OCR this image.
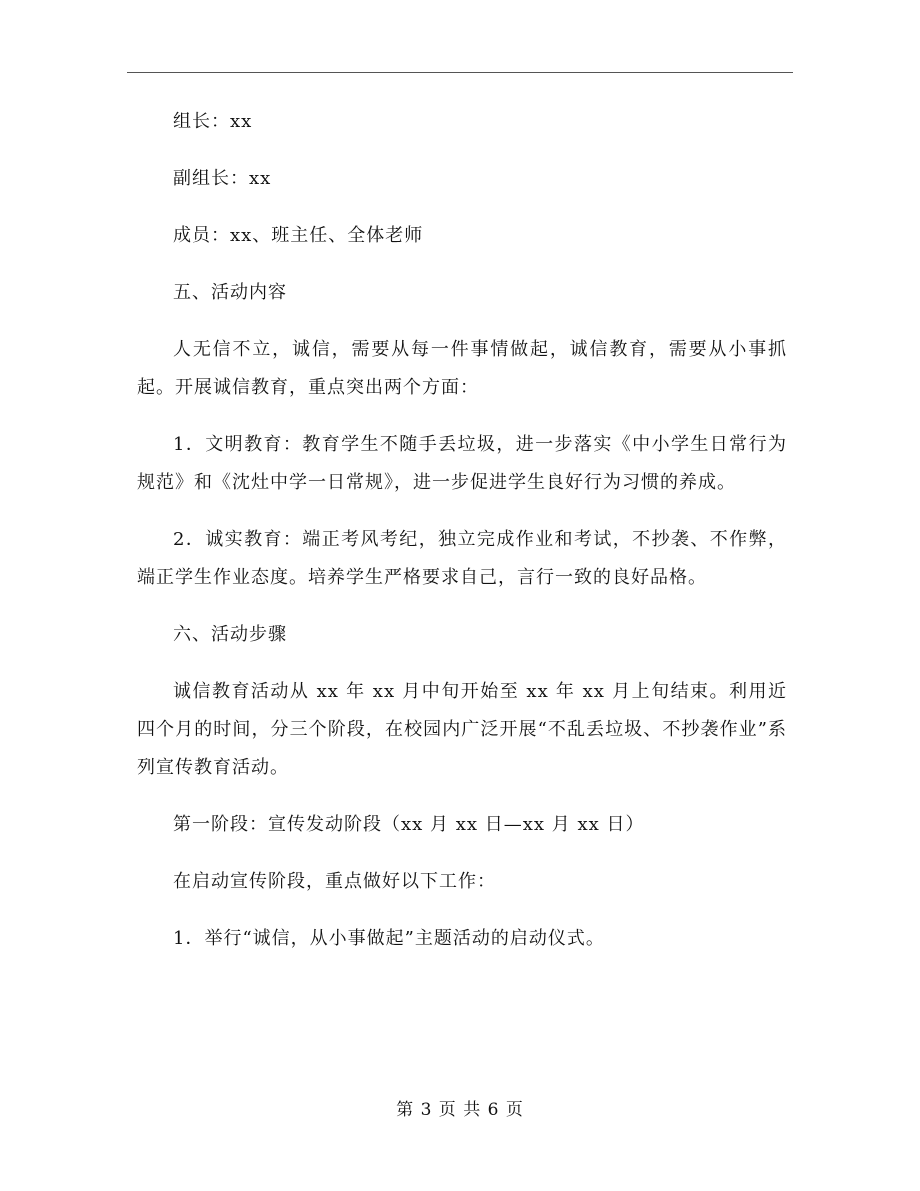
组长：xx

副组长：xx

成员：xx、班主任、全体老师

五、活动内容

人无信不立，诚信，需要从每一件事情做起，诚信教育，需要从小事抓起。开展诚信教育，重点突出两个方面：

1．文明教育：教育学生不随手丢垃圾，进一步落实《中小学生日常行为规范》和《沈灶中学一日常规》，进一步促进学生良好行为习惯的养成。

2．诚实教育：端正考风考纪，独立完成作业和考试，不抄袭、不作弊，端正学生作业态度。培养学生严格要求自己，言行一致的良好品格。

六、活动步骤

诚信教育活动从 xx 年 xx 月中旬开始至 xx 年 xx 月上旬结束。利用近四个月的时间，分三个阶段，在校园内广泛开展“不乱丢垃圾、不抄袭作业”系列宣传教育活动。

第一阶段：宣传发动阶段（xx 月 xx 日—xx 月 xx 日）

在启动宣传阶段，重点做好以下工作：

1．举行“诚信，从小事做起”主题活动的启动仪式。

第 3 页 共 6 页
